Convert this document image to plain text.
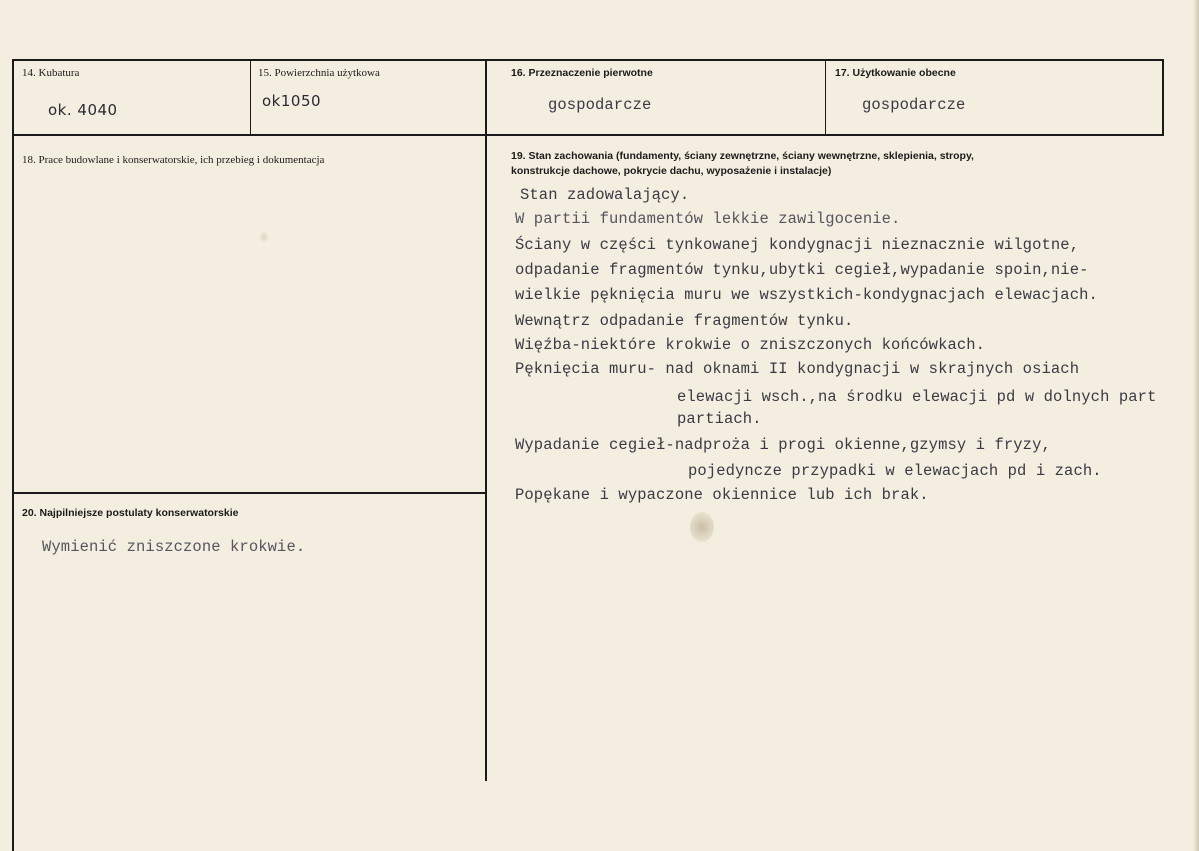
14. Kubatura
ok. 4040
15. Powierzchnia użytkowa
ok1050
16. Przeznaczenie pierwotne
gospodarcze
17. Użytkowanie obecne
gospodarcze
18. Prace budowlane i konserwatorskie, ich przebieg i dokumentacja	19. Stan zachowania (fundamenty, ściany zewnętrzne, ściany wewnętrzne, sklepienia, stropy,
konstrukcje dachowe, pokrycie dachu, wyposażenie i instalacje)
Stan zadowalający.
W partii fundamentów lekkie zawilgocenie.
Ściany w części tynkowanej kondygnacji nieznacznie wilgotne,
odpadanie fragmentów tynku,ubytki cegieł,wypadanie spoin,nie-
wielkie pęknięcia muru we wszystkich-kondygnacjach elewacjach.
Wewnątrz odpadanie fragmentów tynku.
Więźba-niektóre krokwie o zniszczonych końcówkach.
Pęknięcia muru- nad oknami II kondygnacji w skrajnych osiach
elewacji wsch.,na środku elewacji pd w dolnych part
partiach.
Wypadanie cegieł-nadproża i progi okienne,gzymsy i fryzy,
pojedyncze przypadki w elewacjach pd i zach.
Popękane i wypaczone okiennice lub ich brak.
20. Najpilniejsze postulaty konserwatorskie
Wymienić zniszczone krokwie.
